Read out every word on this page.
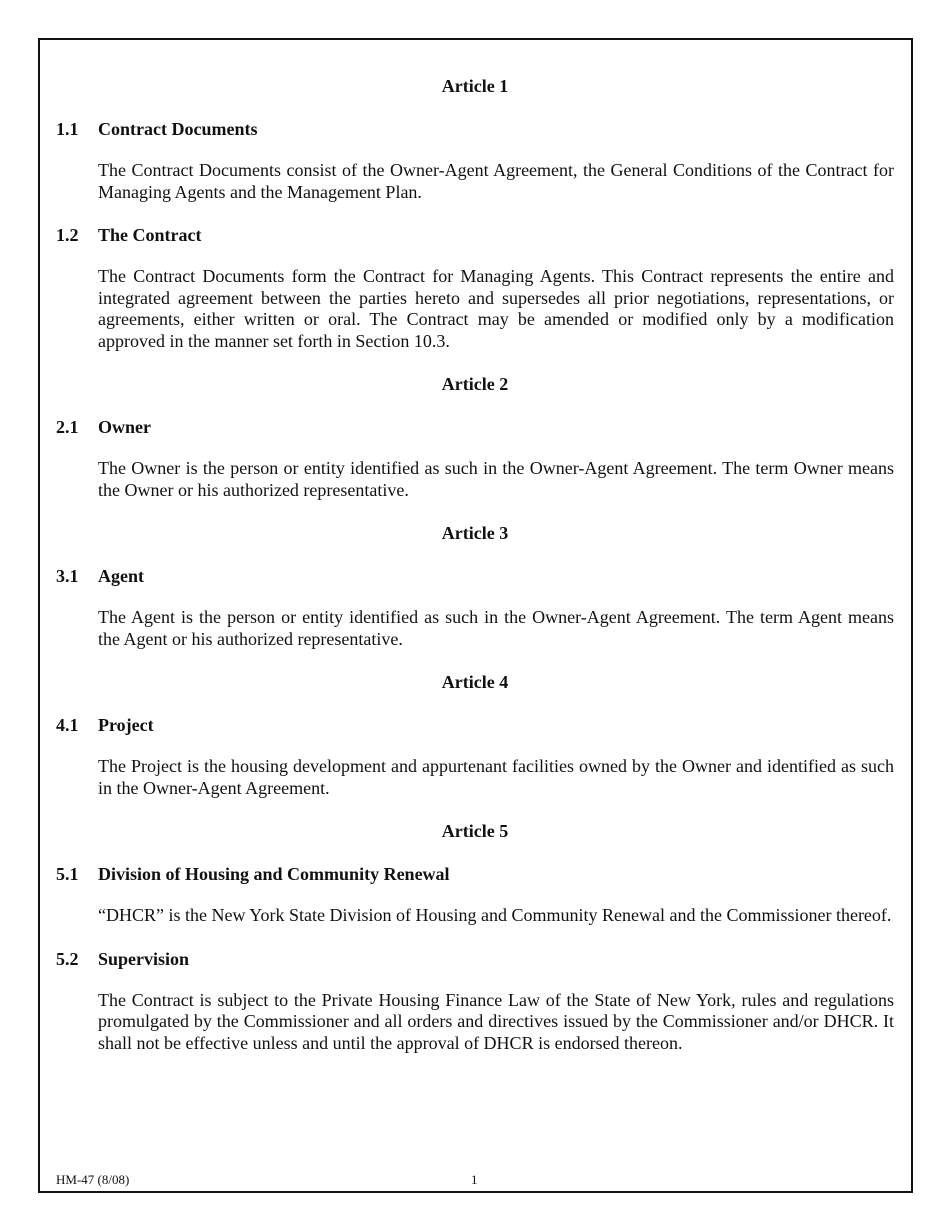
Article 1
1.1	Contract Documents

The Contract Documents consist of the Owner-Agent Agreement, the General Conditions of the Contract for Managing Agents and the Management Plan.

1.2	The Contract

The Contract Documents form the Contract for Managing Agents. This Contract represents the entire and integrated agreement between the parties hereto and supersedes all prior negotiations, representations, or agreements, either written or oral. The Contract may be amended or modified only by a modification approved in the manner set forth in Section 10.3.

Article 2
2.1	Owner

The Owner is the person or entity identified as such in the Owner-Agent Agreement. The term Owner means the Owner or his authorized representative.

Article 3
3.1	Agent

The Agent is the person or entity identified as such in the Owner-Agent Agreement. The term Agent means the Agent or his authorized representative.

Article 4
4.1	Project

The Project is the housing development and appurtenant facilities owned by the Owner and identified as such in the Owner-Agent Agreement.

Article 5
5.1	Division of Housing and Community Renewal

“DHCR” is the New York State Division of Housing and Community Renewal and the Commissioner thereof.

5.2	Supervision

The Contract is subject to the Private Housing Finance Law of the State of New York, rules and regulations promulgated by the Commissioner and all orders and directives issued by the Commissioner and/or DHCR. It shall not be effective unless and until the approval of DHCR is endorsed thereon.

HM-47 (8/08)	1
